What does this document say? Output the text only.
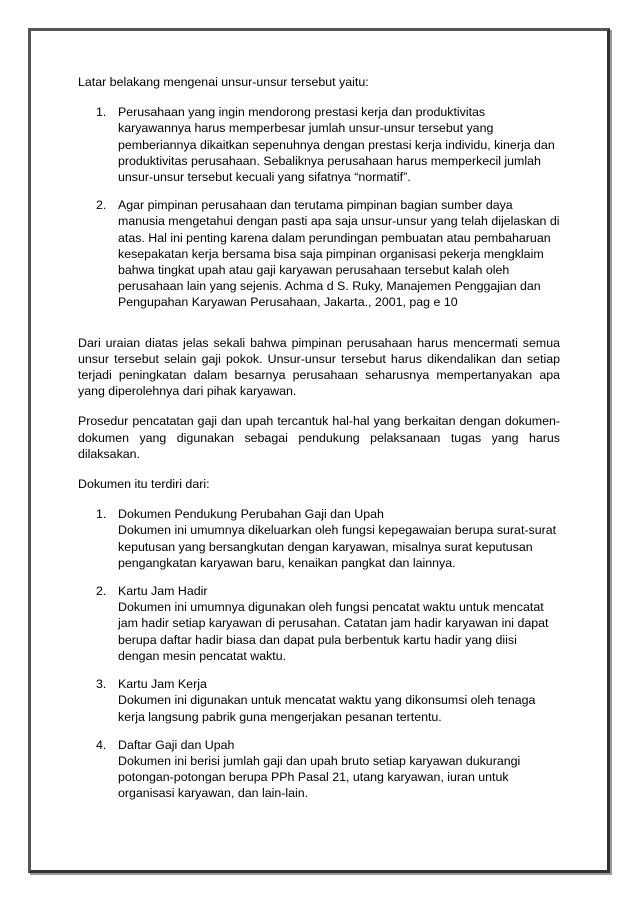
Latar belakang mengenai unsur-unsur tersebut yaitu:

1. Perusahaan yang ingin mendorong prestasi kerja dan produktivitas karyawannya harus memperbesar jumlah unsur-unsur tersebut yang pemberiannya dikaitkan sepenuhnya dengan prestasi kerja individu, kinerja dan produktivitas perusahaan. Sebaliknya perusahaan harus memperkecil jumlah unsur-unsur tersebut kecuali yang sifatnya “normatif”.
2. Agar pimpinan perusahaan dan terutama pimpinan bagian sumber daya manusia mengetahui dengan pasti apa saja unsur-unsur yang telah dijelaskan di atas. Hal ini penting karena dalam perundingan pembuatan atau pembaharuan kesepakatan kerja bersama bisa saja pimpinan organisasi pekerja mengklaim bahwa tingkat upah atau gaji karyawan perusahaan tersebut kalah oleh perusahaan lain yang sejenis. Achma d S. Ruky, Manajemen Penggajian dan Pengupahan Karyawan Perusahaan, Jakarta., 2001, pag e 10

Dari uraian diatas jelas sekali bahwa pimpinan perusahaan harus mencermati semua unsur tersebut selain gaji pokok. Unsur-unsur tersebut harus dikendalikan dan setiap terjadi peningkatan dalam besarnya perusahaan seharusnya mempertanyakan apa yang diperolehnya dari pihak karyawan.

Prosedur pencatatan gaji dan upah tercantuk hal-hal yang berkaitan dengan dokumen-dokumen yang digunakan sebagai pendukung pelaksanaan tugas yang harus dilaksakan.

Dokumen itu terdiri dari:

1. Dokumen Pendukung Perubahan Gaji dan Upah
Dokumen ini umumnya dikeluarkan oleh fungsi kepegawaian berupa surat-surat keputusan yang bersangkutan dengan karyawan, misalnya surat keputusan pengangkatan karyawan baru, kenaikan pangkat dan lainnya.
2. Kartu Jam Hadir
Dokumen ini umumnya digunakan oleh fungsi pencatat waktu untuk mencatat jam hadir setiap karyawan di perusahan. Catatan jam hadir karyawan ini dapat berupa daftar hadir biasa dan dapat pula berbentuk kartu hadir yang diisi dengan mesin pencatat waktu.
3. Kartu Jam Kerja
Dokumen ini digunakan untuk mencatat waktu yang dikonsumsi oleh tenaga kerja langsung pabrik guna mengerjakan pesanan tertentu.
4. Daftar Gaji dan Upah
Dokumen ini berisi jumlah gaji dan upah bruto setiap karyawan dukurangi potongan-potongan berupa PPh Pasal 21, utang karyawan, iuran untuk organisasi karyawan, dan lain-lain.
